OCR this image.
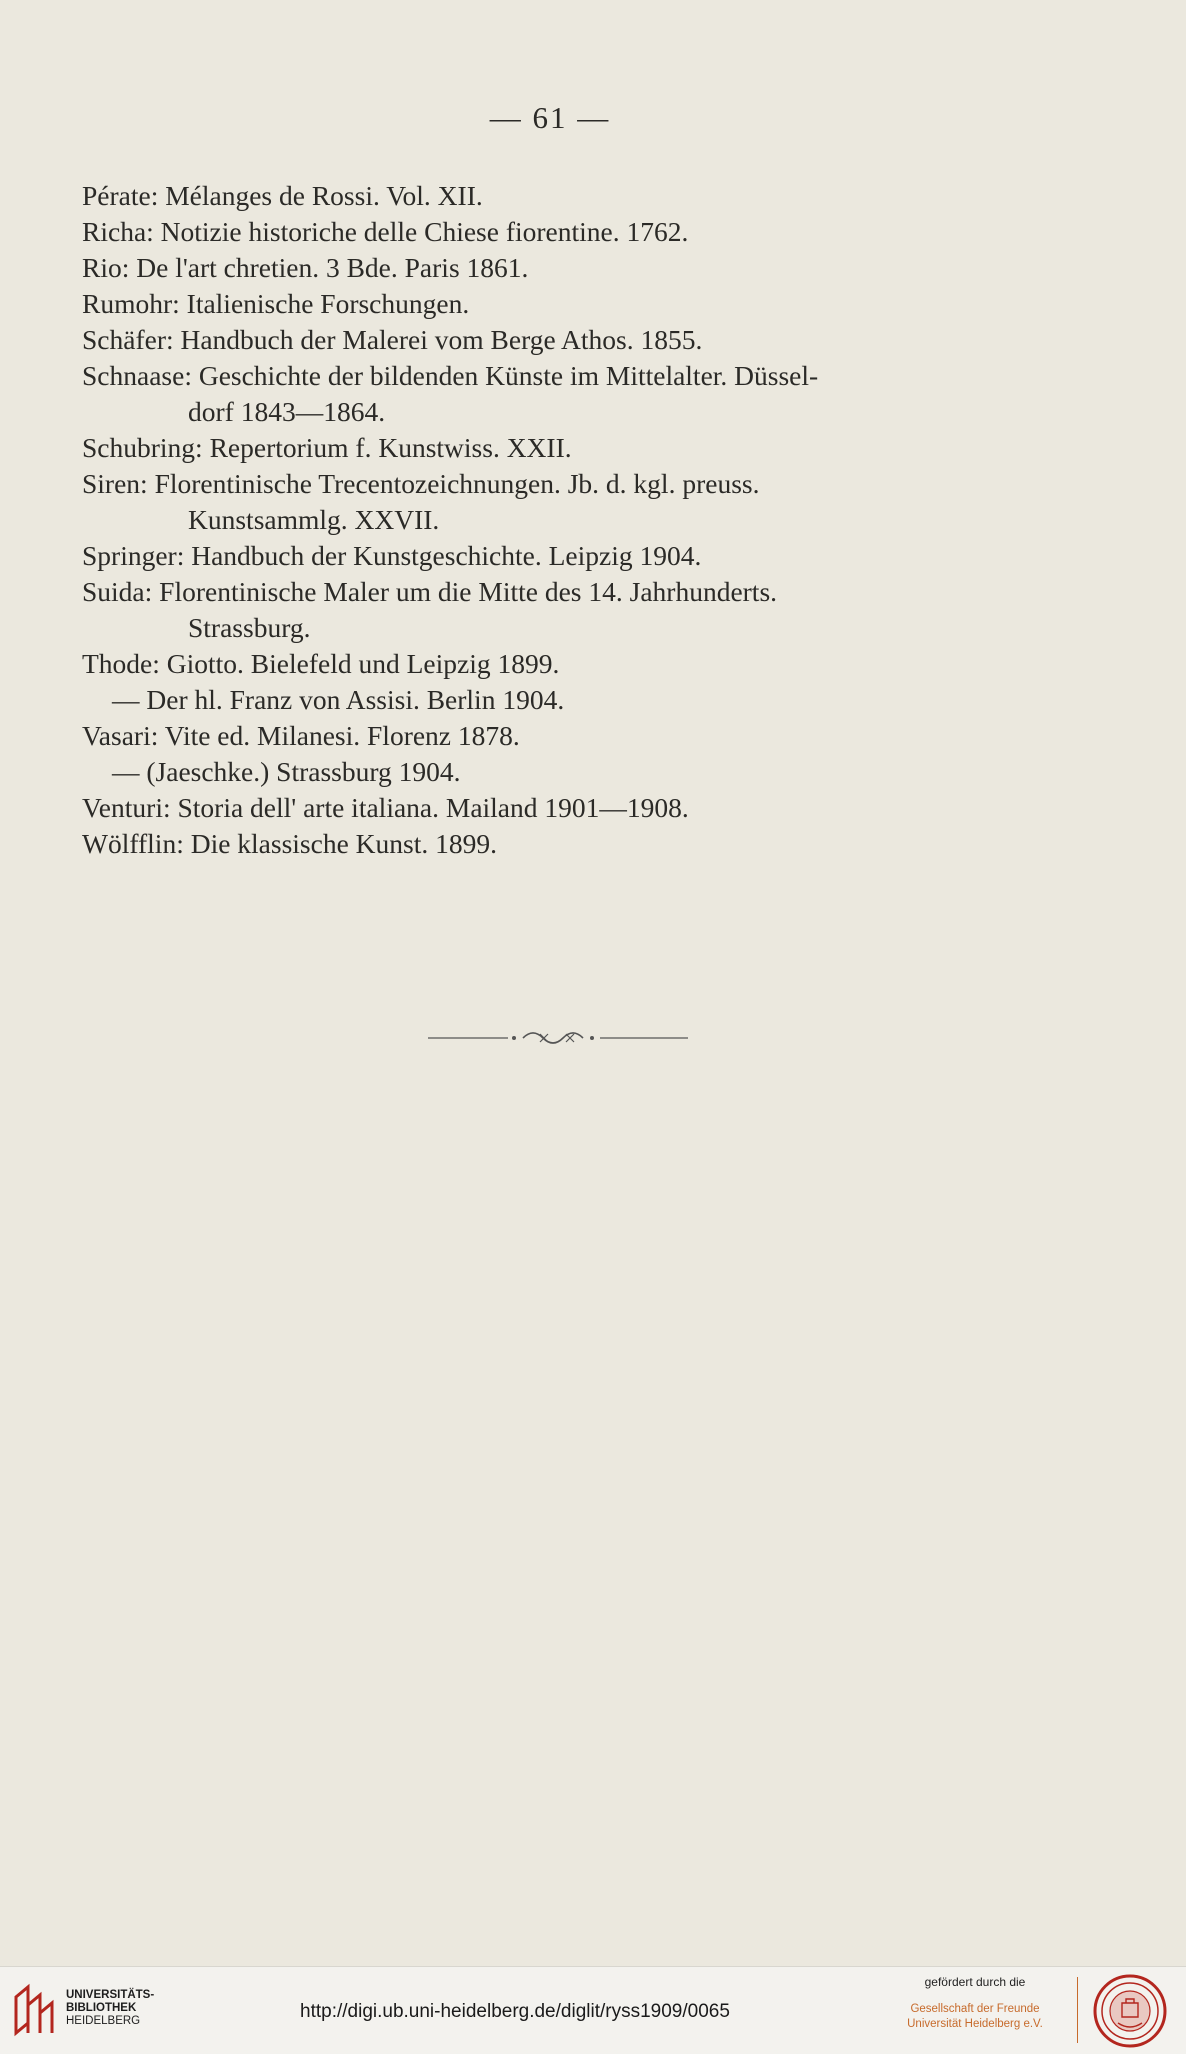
— 61 —
Pérate: Mélanges de Rossi. Vol. XII.
Richa: Notizie historiche delle Chiese fiorentine. 1762.
Rio: De l'art chretien. 3 Bde. Paris 1861.
Rumohr: Italienische Forschungen.
Schäfer: Handbuch der Malerei vom Berge Athos. 1855.
Schnaase: Geschichte der bildenden Künste im Mittelalter. Düssel-
dorf 1843—1864.
Schubring: Repertorium f. Kunstwiss. XXII.
Siren: Florentinische Trecentozeichnungen. Jb. d. kgl. preuss.
Kunstsammlg. XXVII.
Springer: Handbuch der Kunstgeschichte. Leipzig 1904.
Suida: Florentinische Maler um die Mitte des 14. Jahrhunderts.
Strassburg.
Thode: Giotto. Bielefeld und Leipzig 1899.
— Der hl. Franz von Assisi. Berlin 1904.
Vasari: Vite ed. Milanesi. Florenz 1878.
— (Jaeschke.) Strassburg 1904.
Venturi: Storia dell' arte italiana. Mailand 1901—1908.
Wölfflin: Die klassische Kunst. 1899.
UNIVERSITÄTS-
BIBLIOTHEK
HEIDELBERG	http://digi.ub.uni-heidelberg.de/diglit/ryss1909/0065
gefördert durch die
Gesellschaft der Freunde
Universität Heidelberg e.V.
